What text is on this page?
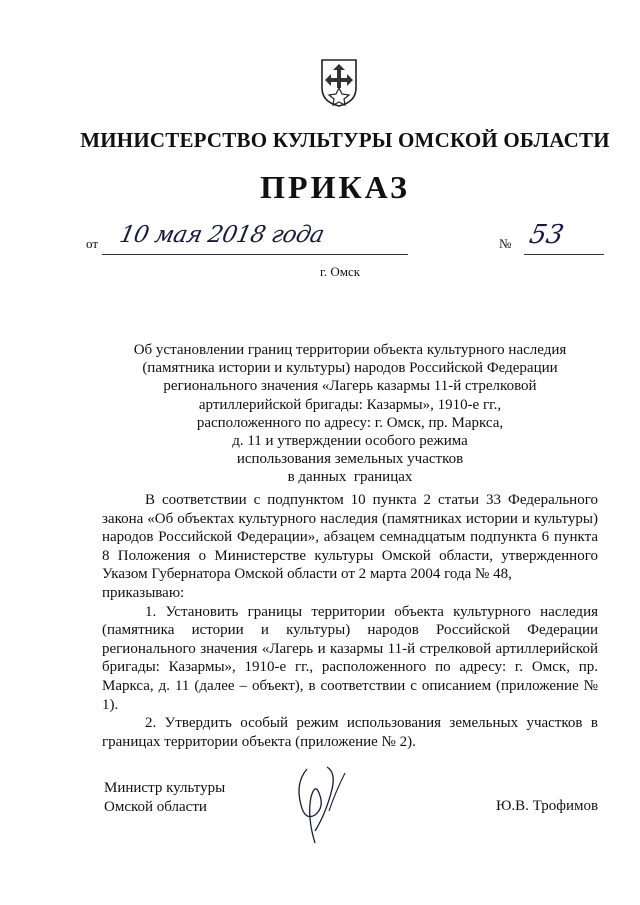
МИНИСТЕРСТВО КУЛЬТУРЫ ОМСКОЙ ОБЛАСТИ
ПРИКАЗ
от 10 мая 2018 года	№ 53
г. Омск
Об установлении границ территории объекта культурного наследия
(памятника истории и культуры) народов Российской Федерации
регионального значения «Лагерь казармы 11-й стрелковой
артиллерийской бригады: Казармы», 1910-е гг.,
расположенного по адресу: г. Омск, пр. Маркса,
д. 11 и утверждении особого режима
использования земельных участков
в данных  границах

В соответствии с подпунктом 10 пункта 2 статьи 33 Федерального закона «Об объектах культурного наследия (памятниках истории и культуры) народов Российской Федерации», абзацем семнадцатым подпункта 6 пункта 8 Положения о Министерстве культуры Омской области, утвержденного Указом Губернатора Омской области от 2 марта 2004 года № 48,

приказываю:

1. Установить границы территории объекта культурного наследия (памятника истории и культуры) народов Российской Федерации регионального значения «Лагерь и казармы 11-й стрелковой артиллерийской бригады: Казармы», 1910-е гг., расположенного по адресу: г. Омск, пр. Маркса, д. 11 (далее – объект), в соответствии с описанием (приложение № 1).

2. Утвердить особый режим использования земельных участков в границах территории объекта (приложение № 2).

Министр культуры
Омской области	Ю.В. Трофимов
